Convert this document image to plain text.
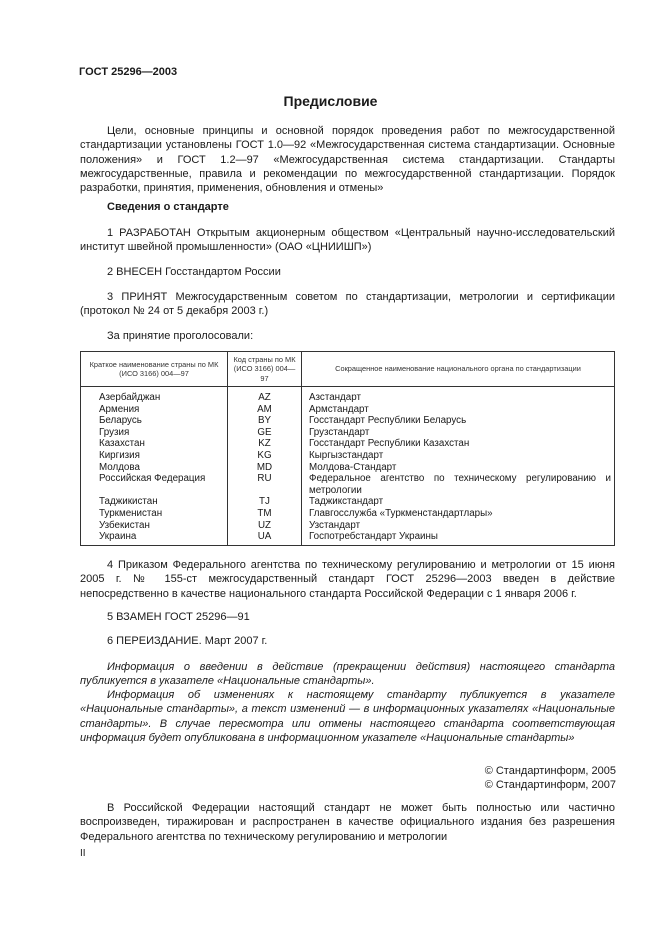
ГОСТ 25296—2003
Предисловие

Цели, основные принципы и основной порядок проведения работ по межгосударственной стандартизации установлены ГОСТ 1.0—92 «Межгосударственная система стандартизации. Основные положения» и ГОСТ 1.2—97 «Межгосударственная система стандартизации. Стандарты межгосударственные, правила и рекомендации по межгосударственной стандартизации. Порядок разработки, принятия, применения, обновления и отмены»

Сведения о стандарте

1 РАЗРАБОТАН Открытым акционерным обществом «Центральный научно-исследовательский институт швейной промышленности» (ОАО «ЦНИИШП»)

2 ВНЕСЕН Госстандартом России

3 ПРИНЯТ Межгосударственным советом по стандартизации, метрологии и сертификации (протокол № 24 от 5 декабря 2003 г.)

За принятие проголосовали:

Краткое наименование страны по МК (ИСО 3166) 004—97	Код страны по МК (ИСО 3166) 004—97	Сокращенное наименование национального органа по стандартизации
Азербайджан	AZ	Азстандарт
Армения	AM	Армстандарт
Беларусь	BY	Госстандарт Республики Беларусь
Грузия	GE	Грузстандарт
Казахстан	KZ	Госстандарт Республики Казахстан
Киргизия	KG	Кыргызстандарт
Молдова	MD	Молдова-Стандарт
Российская Федерация	RU	Федеральное агентство по техническому регулированию и метрологии
Таджикистан	TJ	Таджикстандарт
Туркменистан	TM	Главгосслужба «Туркменстандартлары»
Узбекистан	UZ	Узстандарт
Украина	UA	Госпотребстандарт Украины

4 Приказом Федерального агентства по техническому регулированию и метрологии от 15 июня 2005 г. № 155-ст межгосударственный стандарт ГОСТ 25296—2003 введен в действие непосредственно в качестве национального стандарта Российской Федерации с 1 января 2006 г.

5 ВЗАМЕН ГОСТ 25296—91

6 ПЕРЕИЗДАНИЕ. Март 2007 г.

Информация о введении в действие (прекращении действия) настоящего стандарта публикуется в указателе «Национальные стандарты».

Информация об изменениях к настоящему стандарту публикуется в указателе «Национальные стандарты», а текст изменений — в информационных указателях «Национальные стандарты». В случае пересмотра или отмены настоящего стандарта соответствующая информация будет опубликована в информационном указателе «Национальные стандарты»

© Стандартинформ, 2005
© Стандартинформ, 2007

В Российской Федерации настоящий стандарт не может быть полностью или частично воспроизведен, тиражирован и распространен в качестве официального издания без разрешения Федерального агентства по техническому регулированию и метрологии

II
